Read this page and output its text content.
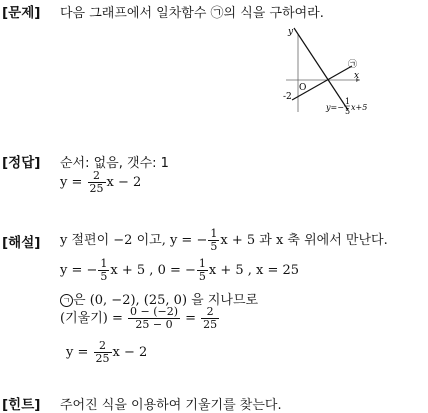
[문제] 다음 그래프에서 일차함수 ㉠의 식을 구하여라.
y
x
O
-2
㉠
y=−
1
5 x+5
[정답] 순서: 없음, 갯수: 1
$y = \frac{2}{25}$ x − 2
[해설] y 절편이 −2 이고, y = − $\frac{1}{5}$ x + 5 과 x 축 위에서 만난다.
y = − $\frac{1}{5}$ x + 5 , 0 = − $\frac{1}{5}$ x + 5 , x = 25
ㄱ 은 (0, −2), (25, 0) 을 지나므로
(기울기) = $\frac{0 - (-2)}{25 - 0} = \frac{2}{25}$
$y = \frac{2}{25}$ x − 2
[힌트] 주어진 식을 이용하여 기울기를 찾는다.
